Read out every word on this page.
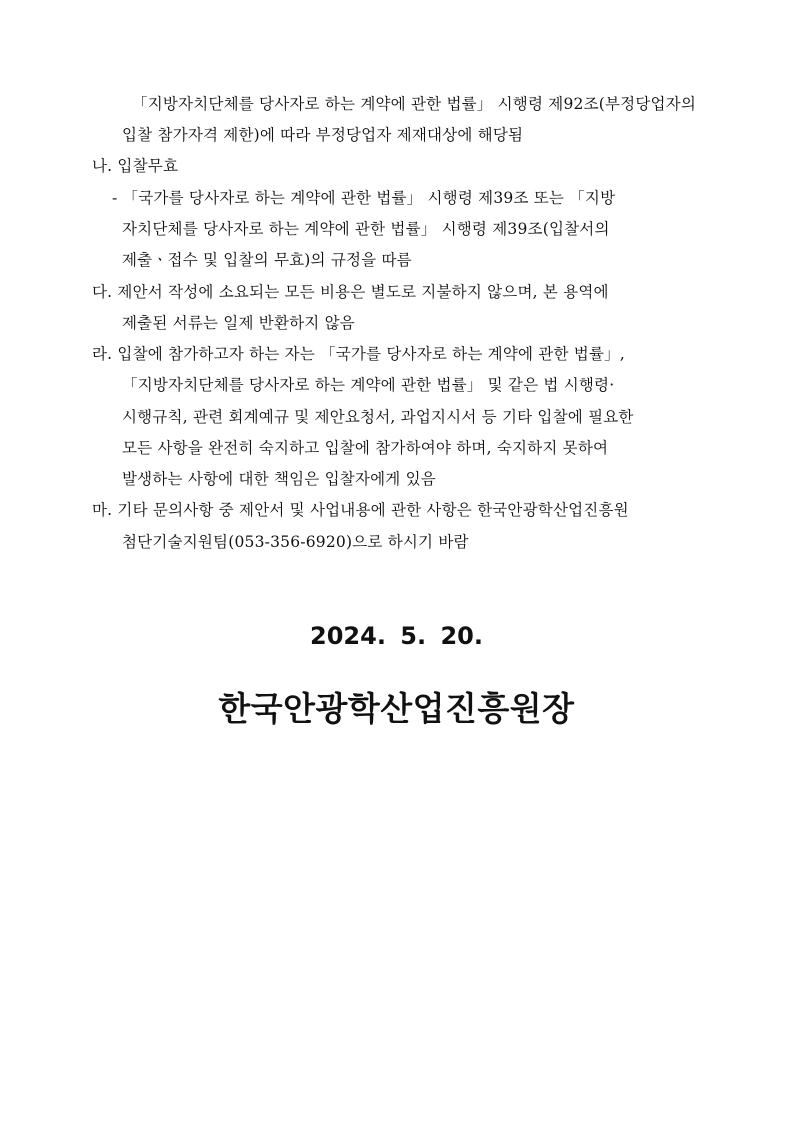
「지방자치단체를 당사자로 하는 계약에 관한 법률」 시행령 제92조(부정당업자의
입찰 참가자격 제한)에 따라 부정당업자 제재대상에 해당됨
나. 입찰무효
- 「국가를 당사자로 하는 계약에 관한 법률」 시행령 제39조 또는 「지방
자치단체를 당사자로 하는 계약에 관한 법률」 시행령 제39조(입찰서의
제출ㆍ접수 및 입찰의 무효)의 규정을 따름
다. 제안서 작성에 소요되는 모든 비용은 별도로 지불하지 않으며, 본 용역에
제출된 서류는 일제 반환하지 않음
라. 입찰에 참가하고자 하는 자는 「국가를 당사자로 하는 계약에 관한 법률」,
「지방자치단체를 당사자로 하는 계약에 관한 법률」 및 같은 법 시행령·
시행규칙, 관련 회계예규 및 제안요청서, 과업지시서 등 기타 입찰에 필요한
모든 사항을 완전히 숙지하고 입찰에 참가하여야 하며, 숙지하지 못하여
발생하는 사항에 대한 책임은 입찰자에게 있음
마. 기타 문의사항 중 제안서 및 사업내용에 관한 사항은 한국안광학산업진흥원
첨단기술지원팀(053-356-6920)으로 하시기 바람
2024. 5. 20.
한국안광학산업진흥원장
